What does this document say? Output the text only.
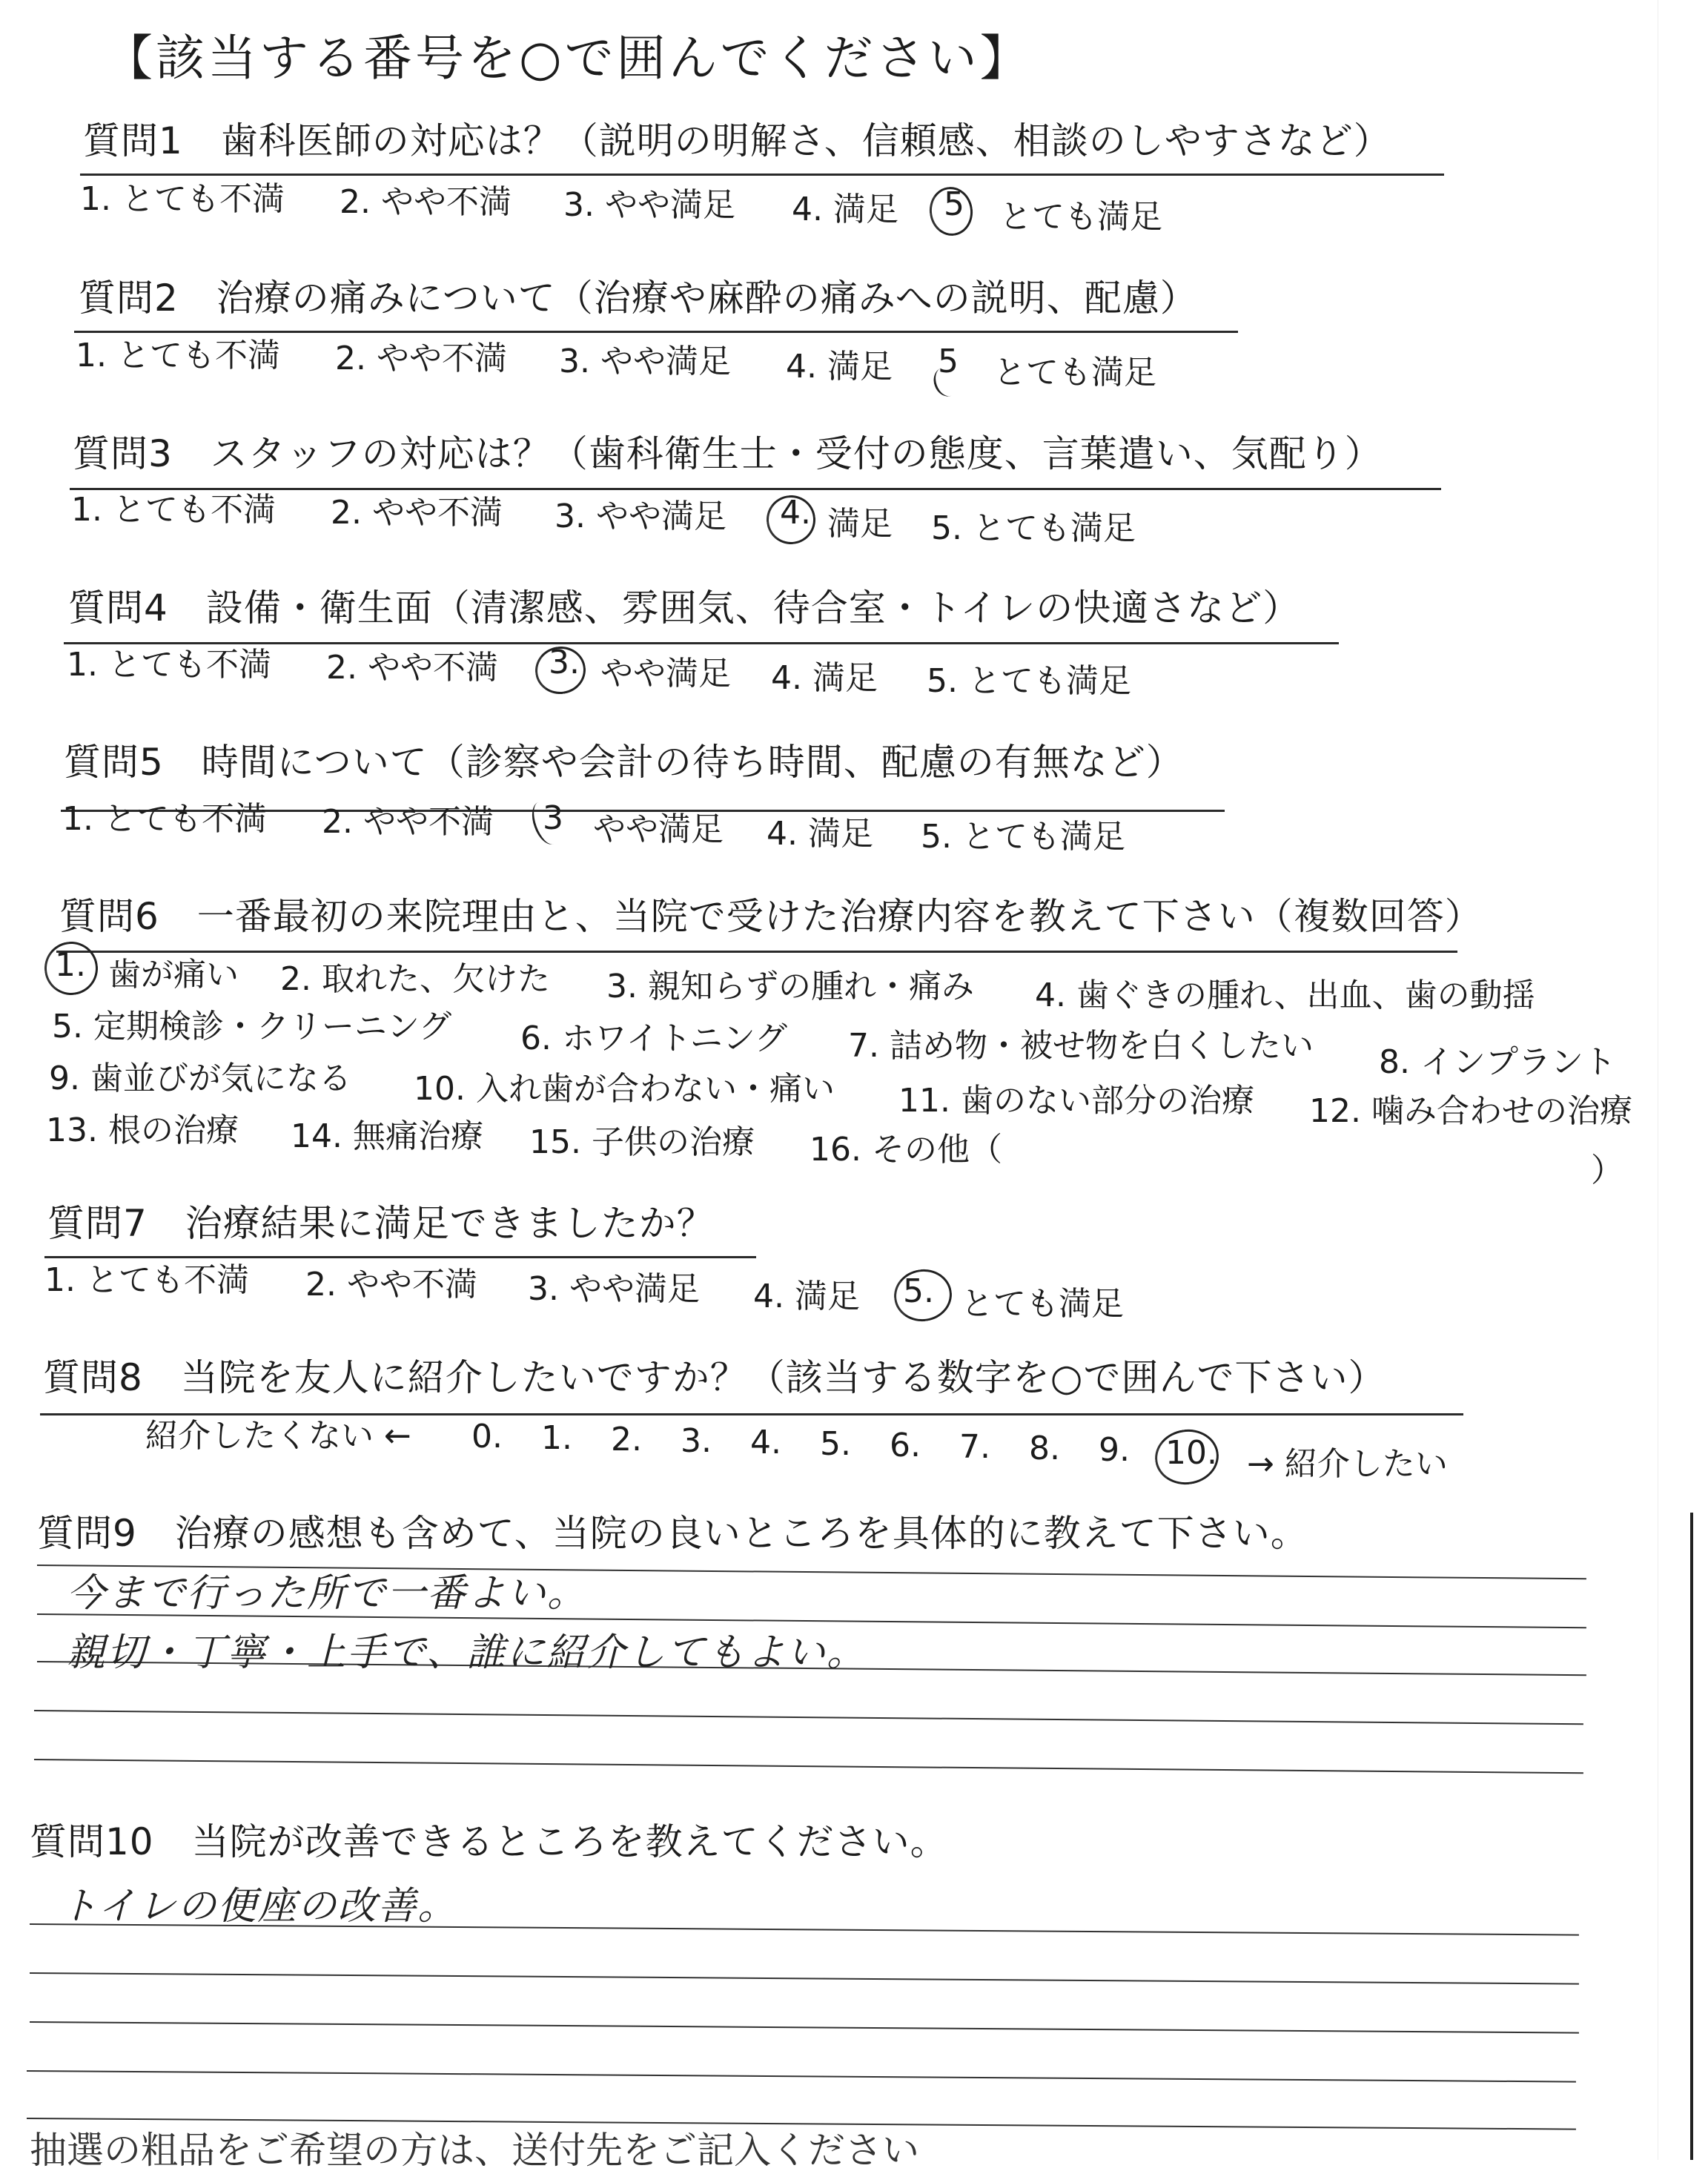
【該当する番号を○で囲んでください】
質問1　歯科医師の対応は？（説明の明解さ、信頼感、相談のしやすさなど）
1. とても不満 2. やや不満 3. やや満足 4. 満足 5 とても満足
質問2　治療の痛みについて（治療や麻酔の痛みへの説明、配慮）
1. とても不満 2. やや不満 3. やや満足 4. 満足 5 とても満足
質問3　スタッフの対応は？（歯科衛生士・受付の態度、言葉遣い、気配り）
1. とても不満 2. やや不満 3. やや満足 4. 満足 5. とても満足
質問4　設備・衛生面（清潔感、雰囲気、待合室・トイレの快適さなど）
1. とても不満 2. やや不満 3. やや満足 4. 満足 5. とても満足
質問5　時間について（診察や会計の待ち時間、配慮の有無など）
1. とても不満 2. やや不満 3 やや満足 4. 満足 5. とても満足
質問6　一番最初の来院理由と、当院で受けた治療内容を教えて下さい（複数回答）
1. 歯が痛い 2. 取れた、欠けた 3. 親知らずの腫れ・痛み 4. 歯ぐきの腫れ、出血、歯の動揺
5. 定期検診・クリーニング 6. ホワイトニング 7. 詰め物・被せ物を白くしたい 8. インプラント
9. 歯並びが気になる 10. 入れ歯が合わない・痛い 11. 歯のない部分の治療 12. 噛み合わせの治療
13. 根の治療 14. 無痛治療 15. 子供の治療 16. その他（
）
質問7　治療結果に満足できましたか？
1. とても不満 2. やや不満 3. やや満足 4. 満足 5. とても満足
質問8　当院を友人に紹介したいですか？（該当する数字を○で囲んで下さい）
紹介したくない ← 0. 1. 2. 3. 4. 5. 6. 7. 8. 9. 10. → 紹介したい
質問9　治療の感想も含めて、当院の良いところを具体的に教えて下さい。
今まで行った所で一番よい。
親切・丁寧・上手で、誰に紹介してもよい。
質問10　当院が改善できるところを教えてください。
トイレの便座の改善。
抽選の粗品をご希望の方は、送付先をご記入ください
